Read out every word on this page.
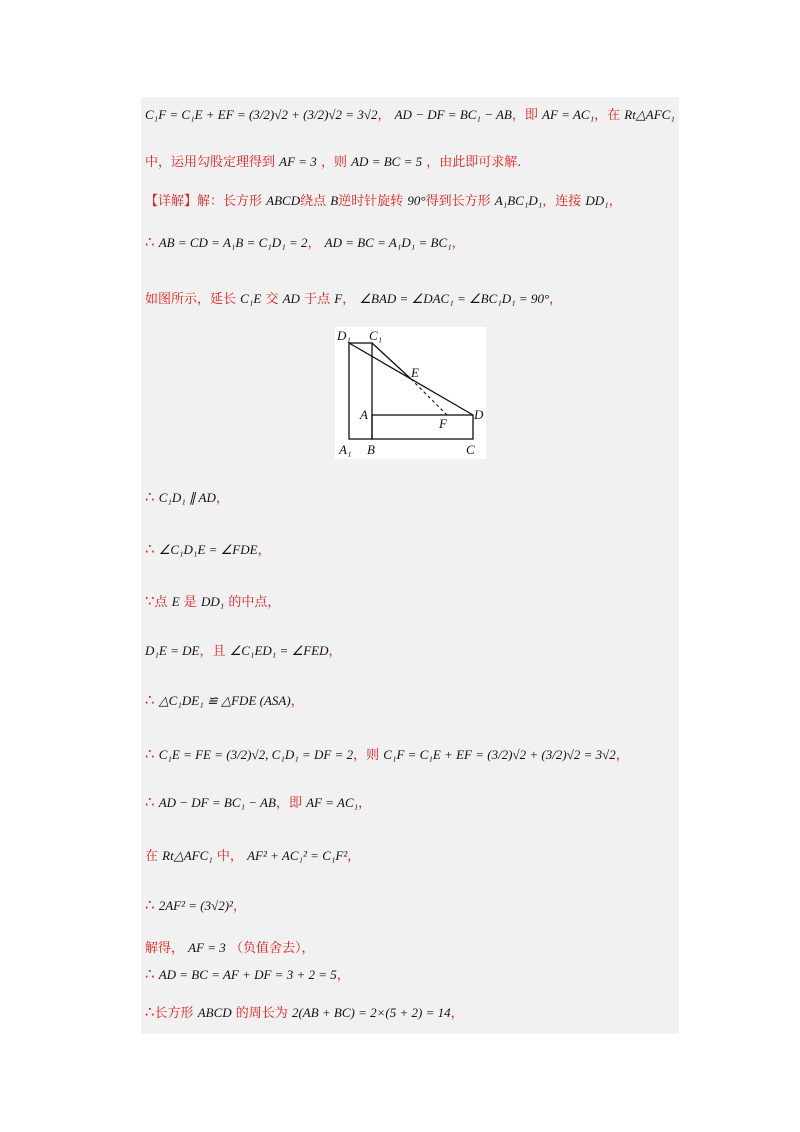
C₁F = C₁E + EF = (3/2)√2 + (3/2)√2 = 3√2， AD − DF = BC₁ − AB，即 AF = AC₁，在 Rt△AFC₁
中，运用勾股定理得到 AF = 3 ，则 AD = BC = 5 ，由此即可求解.
【详解】解：长方形 ABCD绕点 B逆时针旋转 90°得到长方形 A₁BC₁D₁，连接 DD₁，
∴ AB = CD = A₁B = C₁D₁ = 2， AD = BC = A₁D₁ = BC₁，
如图所示，延长 C₁E 交 AD 于点 F， ∠BAD = ∠DAC₁ = ∠BC₁D₁ = 90°，
D₁ C₁
E
A	D
F
A₁ B	C
∴ C₁D₁ ∥ AD，
∴ ∠C₁D₁E = ∠FDE，
∵点 E 是 DD₁ 的中点，
D₁E = DE，且 ∠C₁ED₁ = ∠FED，
∴ △C₁DE₁ ≌ △FDE (ASA)，
∴ C₁E = FE = (3/2)√2, C₁D₁ = DF = 2，则 C₁F = C₁E + EF = (3/2)√2 + (3/2)√2 = 3√2，
∴ AD − DF = BC₁ − AB，即 AF = AC₁，
在 Rt△AFC₁ 中， AF² + AC₁² = C₁F²，
∴ 2AF² = (3√2)²，
解得， AF = 3 （负值舍去），
∴ AD = BC = AF + DF = 3 + 2 = 5，
∴长方形 ABCD 的周长为 2(AB + BC) = 2×(5 + 2) = 14，
